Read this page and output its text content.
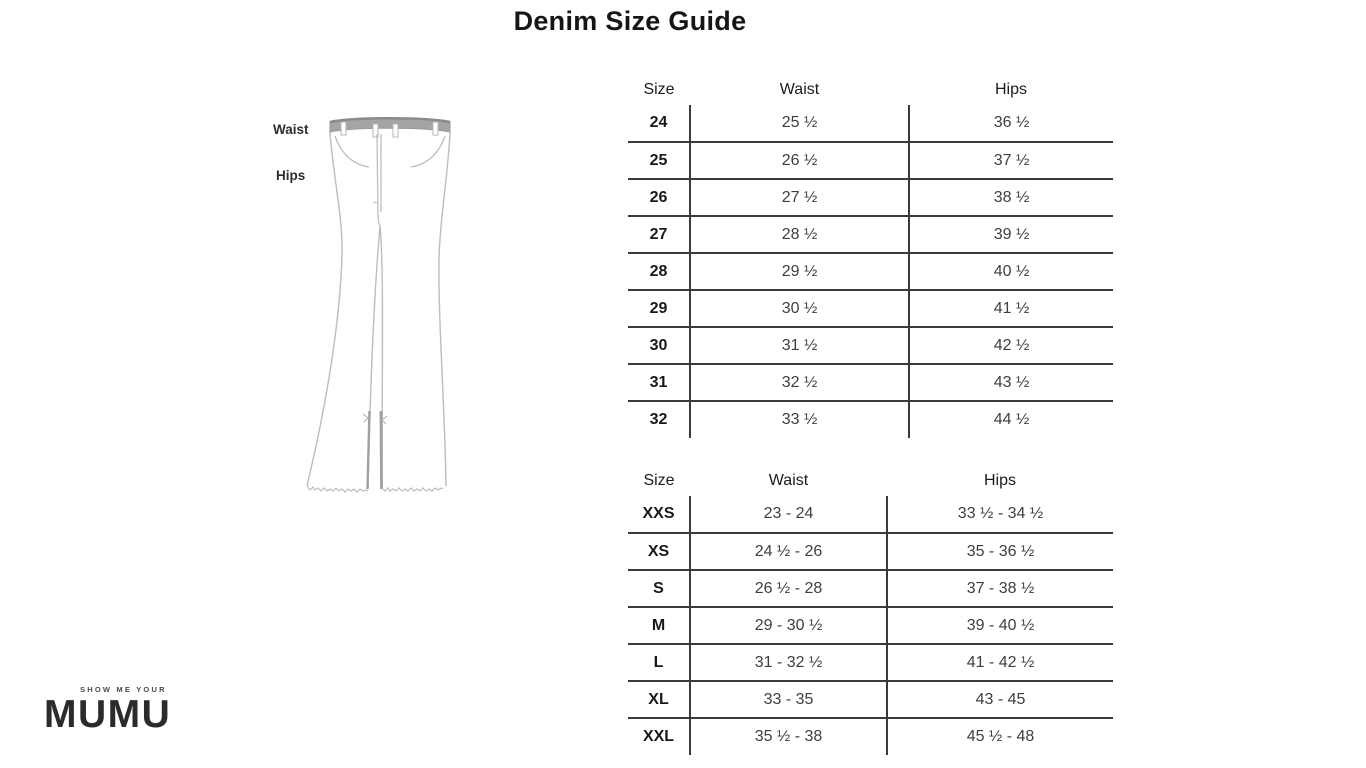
Denim Size Guide
Waist
Hips
Size	Waist	Hips
24	25 ½	36 ½
25	26 ½	37 ½
26	27 ½	38 ½
27	28 ½	39 ½
28	29 ½	40 ½
29	30 ½	41 ½
30	31 ½	42 ½
31	32 ½	43 ½
32	33 ½	44 ½
Size	Waist	Hips
XXS	23 - 24	33 ½ - 34 ½
XS	24 ½ - 26	35 - 36 ½
S	26 ½ - 28	37 - 38 ½
M	29 - 30 ½	39 - 40 ½
L	31 - 32 ½	41 - 42 ½
XL	33 - 35	43 - 45
XXL	35 ½ - 38	45 ½ - 48
SHOW ME YOUR
MUMU
